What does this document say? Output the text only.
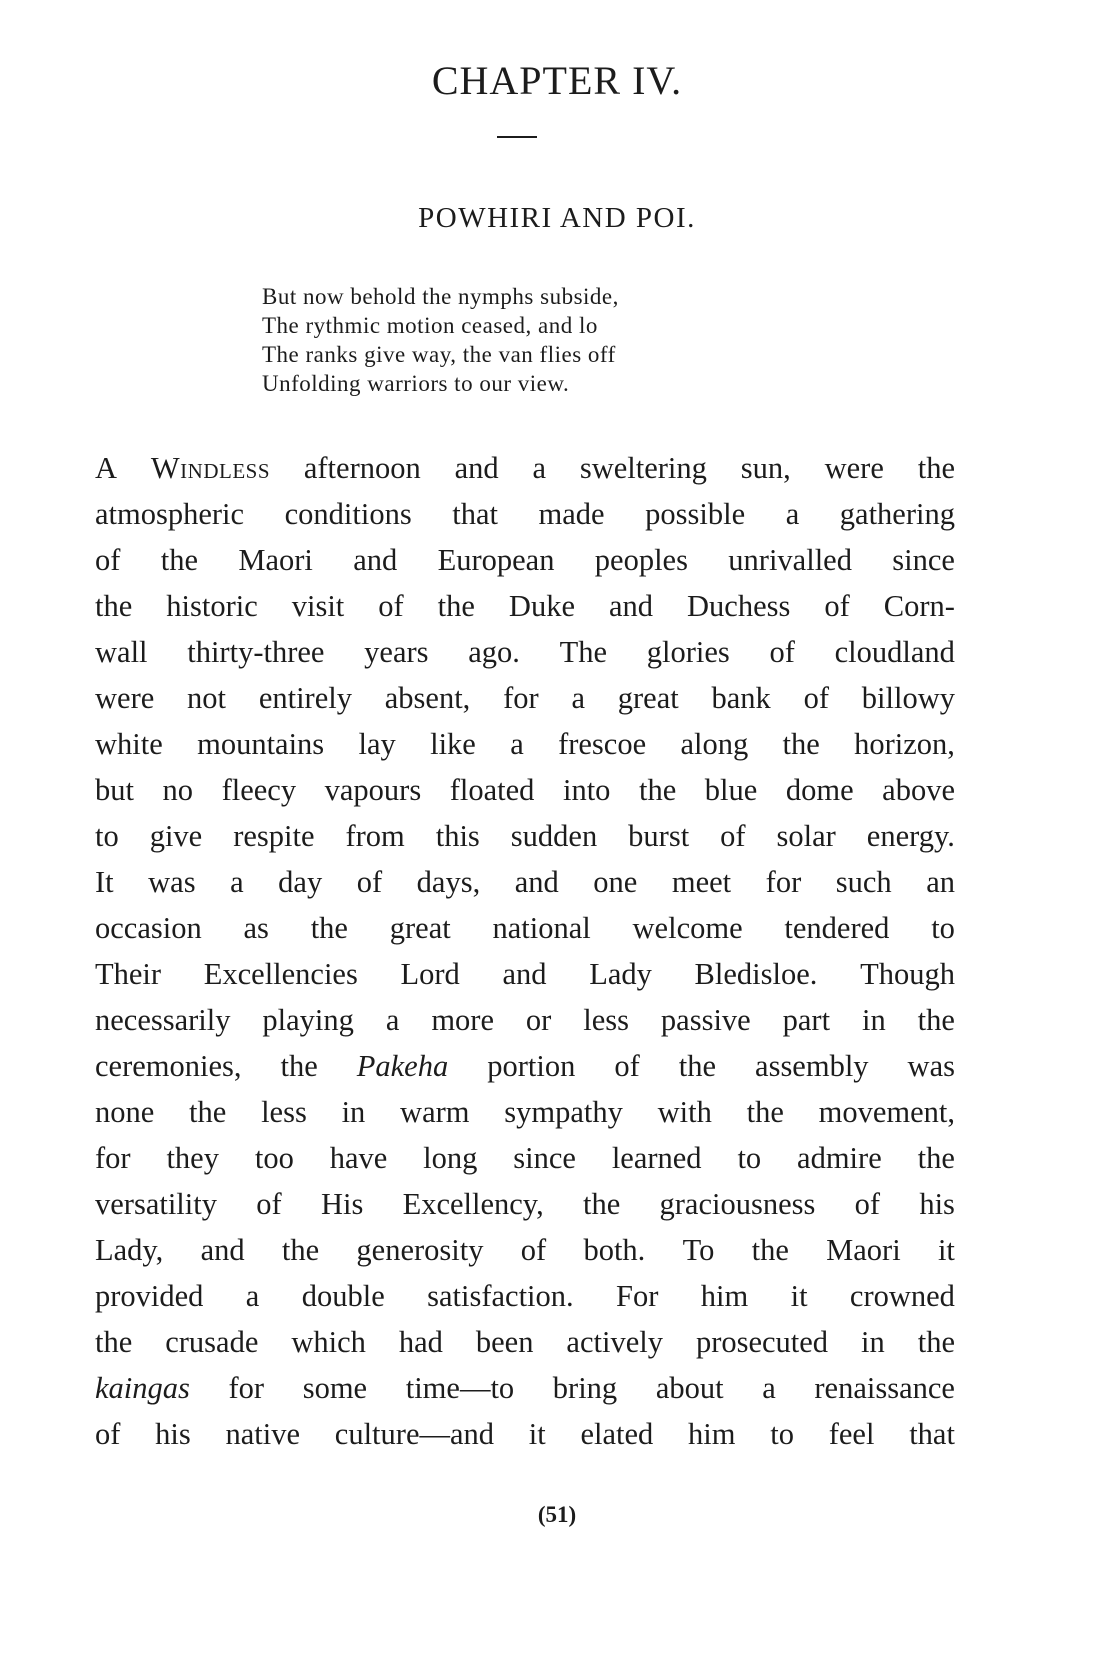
CHAPTER IV.
POWHIRI AND POI.
But now behold the nymphs subside,
The rythmic motion ceased, and lo
The ranks give way, the van flies off
Unfolding warriors to our view.
A Windless afternoon and a sweltering sun, were the
atmospheric conditions that made possible a gathering
of the Maori and European peoples unrivalled since
the historic visit of the Duke and Duchess of Corn-
wall thirty-three years ago. The glories of cloudland
were not entirely absent, for a great bank of billowy
white mountains lay like a frescoe along the horizon,
but no fleecy vapours floated into the blue dome above
to give respite from this sudden burst of solar energy.
It was a day of days, and one meet for such an
occasion as the great national welcome tendered to
Their Excellencies Lord and Lady Bledisloe. Though
necessarily playing a more or less passive part in the
ceremonies, the Pakeha portion of the assembly was
none the less in warm sympathy with the movement,
for they too have long since learned to admire the
versatility of His Excellency, the graciousness of his
Lady, and the generosity of both. To the Maori it
provided a double satisfaction. For him it crowned
the crusade which had been actively prosecuted in the
kaingas for some time—to bring about a renaissance
of his native culture—and it elated him to feel that
(51)
